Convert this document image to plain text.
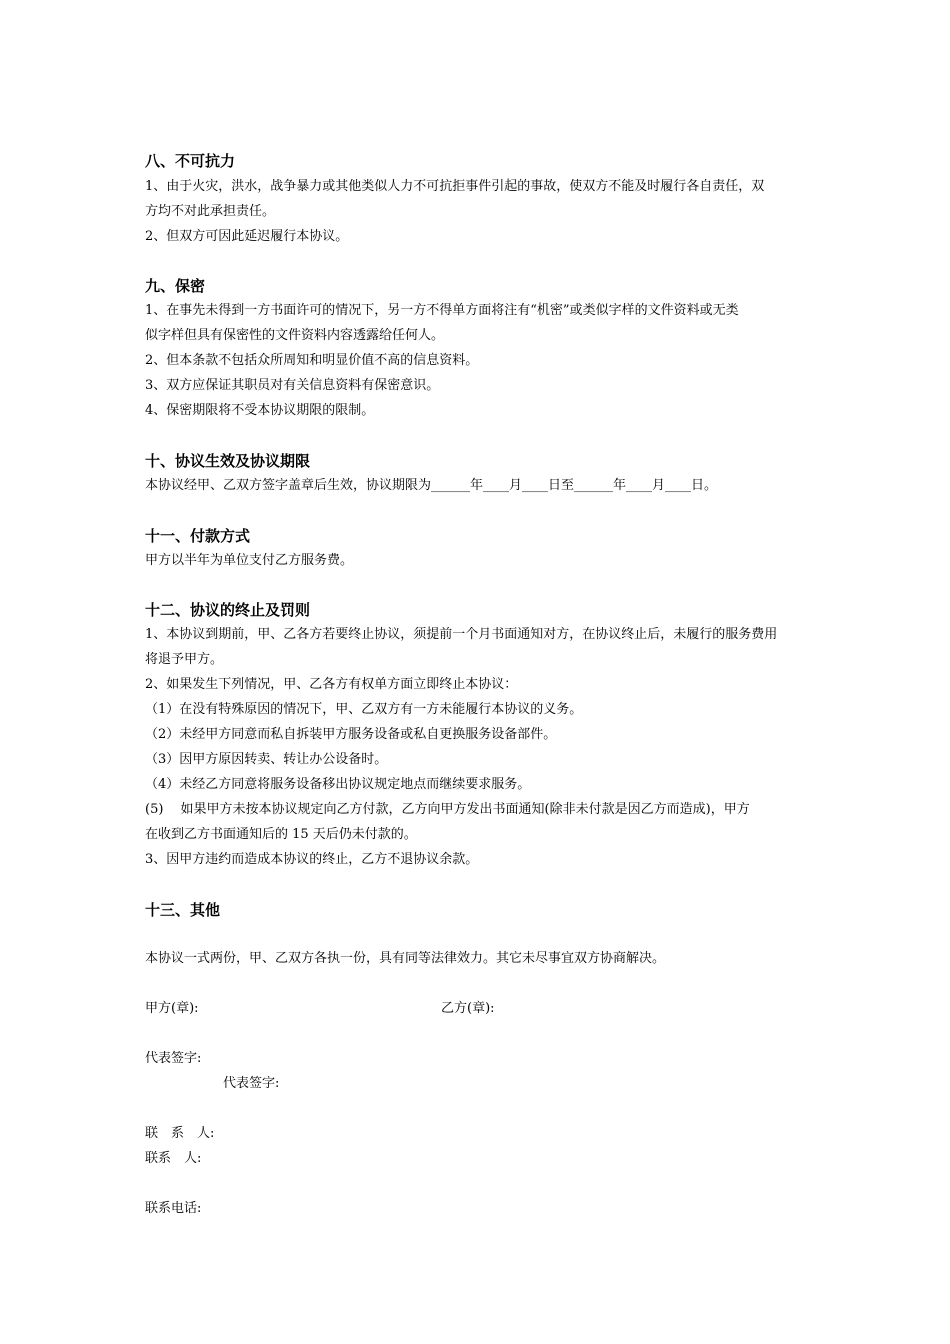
八、不可抗力
1、由于火灾，洪水，战争暴力或其他类似人力不可抗拒事件引起的事故，使双方不能及时履行各自责任，双
方均不对此承担责任。
2、但双方可因此延迟履行本协议。
九、保密
1、在事先未得到一方书面许可的情况下，另一方不得单方面将注有“机密”或类似字样的文件资料或无类
似字样但具有保密性的文件资料内容透露给任何人。
2、但本条款不包括众所周知和明显价值不高的信息资料。
3、双方应保证其职员对有关信息资料有保密意识。
4、保密期限将不受本协议期限的限制。
十、协议生效及协议期限
本协议经甲、乙双方签字盖章后生效，协议期限为______年____月____日至______年____月____日。
十一、付款方式
甲方以半年为单位支付乙方服务费。
十二、协议的终止及罚则
1、本协议到期前，甲、乙各方若要终止协议，须提前一个月书面通知对方，在协议终止后，未履行的服务费用
将退予甲方。
2、如果发生下列情况，甲、乙各方有权单方面立即终止本协议：
（1）在没有特殊原因的情况下，甲、乙双方有一方未能履行本协议的义务。
（2）未经甲方同意而私自拆装甲方服务设备或私自更换服务设备部件。
（3）因甲方原因转卖、转让办公设备时。
（4）未经乙方同意将服务设备移出协议规定地点而继续要求服务。
(5)　 如果甲方未按本协议规定向乙方付款，乙方向甲方发出书面通知(除非未付款是因乙方而造成)，甲方
在收到乙方书面通知后的 15 天后仍未付款的。
3、因甲方违约而造成本协议的终止，乙方不退协议余款。
十三、其他
本协议一式两份，甲、乙双方各执一份，具有同等法律效力。其它未尽事宜双方协商解决。
甲方(章):	乙方(章):
代表签字:
代表签字:
联　系　人:
联系　人:
联系电话:
